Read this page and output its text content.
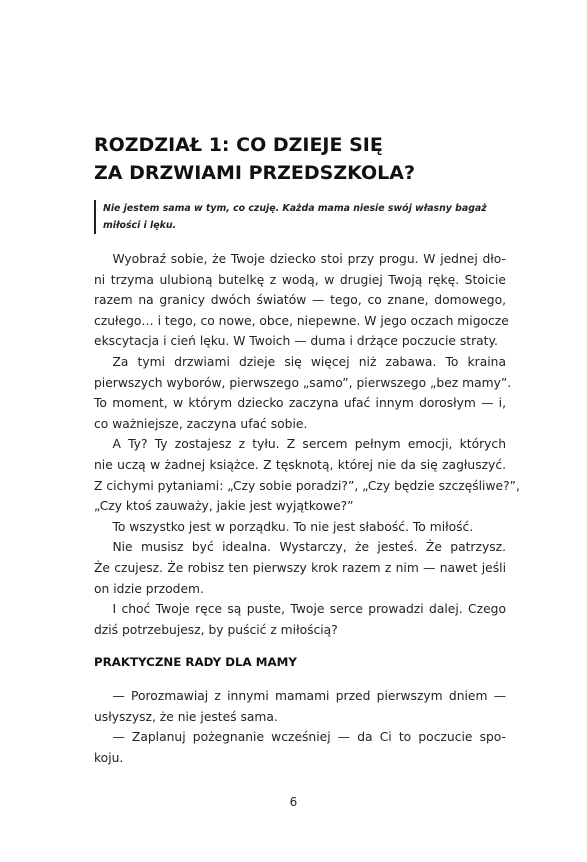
ROZDZIAŁ 1: CO DZIEJE SIĘ
ZA DRZWIAMI PRZEDSZKOLA?
Nie jestem sama w tym, co czuję. Każda mama niesie swój własny bagaż
miłości i lęku.
  Wyobraź sobie, że Twoje dziecko stoi przy progu. W jednej dło-
ni trzyma ulubioną butelkę z wodą, w drugiej Twoją rękę. Stoicie
razem na granicy dwóch światów — tego, co znane, domowego,
czułego… i tego, co nowe, obce, niepewne. W jego oczach migocze
ekscytacja i cień lęku. W Twoich — duma i drżące poczucie straty.
  Za tymi drzwiami dzieje się więcej niż zabawa. To kraina
pierwszych wyborów, pierwszego „samo”, pierwszego „bez mamy”.
To moment, w którym dziecko zaczyna ufać innym dorosłym — i,
co ważniejsze, zaczyna ufać sobie.
  A Ty? Ty zostajesz z tyłu. Z sercem pełnym emocji, których
nie uczą w żadnej książce. Z tęsknotą, której nie da się zagłuszyć.
Z cichymi pytaniami: „Czy sobie poradzi?”, „Czy będzie szczęśliwe?”,
„Czy ktoś zauważy, jakie jest wyjątkowe?”
  To wszystko jest w porządku. To nie jest słabość. To miłość.
  Nie musisz być idealna. Wystarczy, że jesteś. Że patrzysz.
Że czujesz. Że robisz ten pierwszy krok razem z nim — nawet jeśli
on idzie przodem.
  I choć Twoje ręce są puste, Twoje serce prowadzi dalej. Czego
dziś potrzebujesz, by puścić z miłością?
PRAKTYCZNE RADY DLA MAMY
  — Porozmawiaj z innymi mamami przed pierwszym dniem —
usłyszysz, że nie jesteś sama.
  — Zaplanuj pożegnanie wcześniej — da Ci to poczucie spo-
koju.
6
